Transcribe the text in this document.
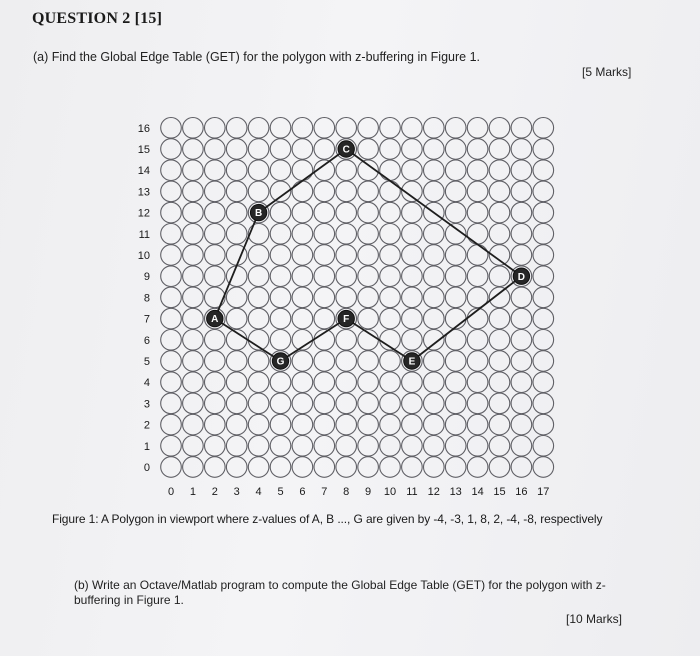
QUESTION 2 [15]
(a) Find the Global Edge Table (GET) for the polygon with z-buffering in Figure 1.
[5 Marks]
A
B
C
D
E
F
G
0
1
2
3
4
5
6
7
8
9
10
11
12
13
14
15
16
0 1 2 3 4 5 6 7 8 9 10 11 12 13 14 15 16 17
Figure 1: A Polygon in viewport where z-values of A, B ..., G are given by -4, -3, 1, 8, 2, -4, -8, respectively
(b) Write an Octave/Matlab program to compute the Global Edge Table (GET) for the polygon with z-buffering in Figure 1.
[10 Marks]
